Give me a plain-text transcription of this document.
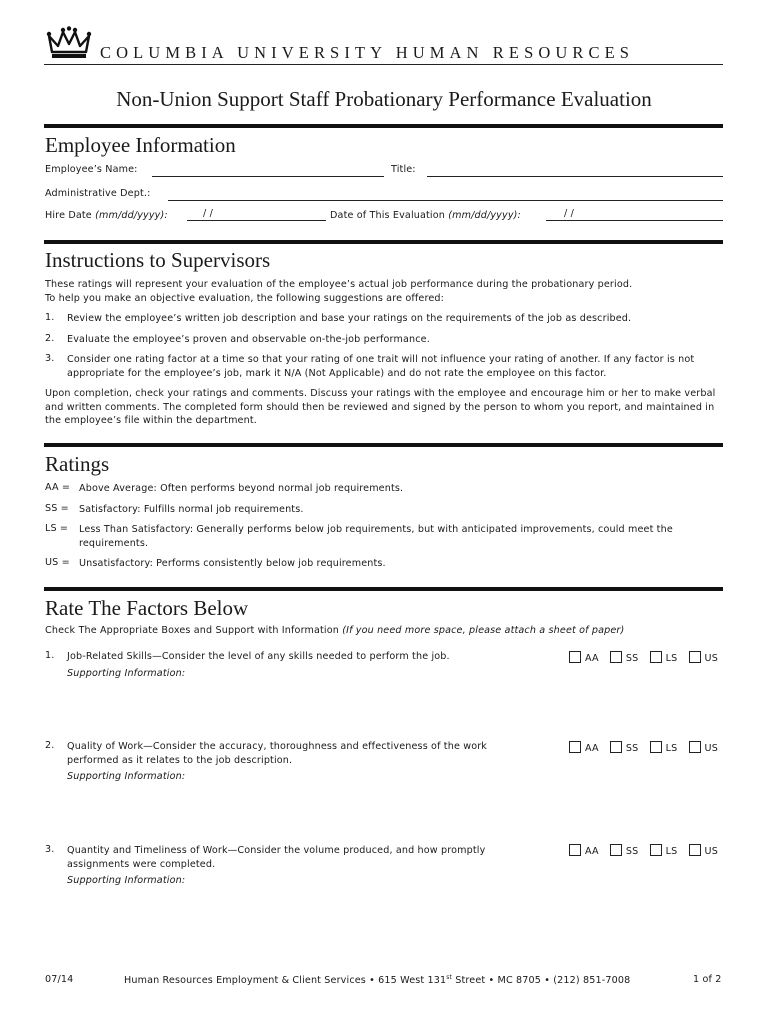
COLUMBIA UNIVERSITY HUMAN RESOURCES
Non-Union Support Staff Probationary Performance Evaluation
Employee Information
Employee’s Name:	Title:
Administrative Dept.:
Hire Date (mm/dd/yyyy):	/ /	Date of This Evaluation (mm/dd/yyyy):	/ /
Instructions to Supervisors

These ratings will represent your evaluation of the employee’s actual job performance during the probationary period.

To help you make an objective evaluation, the following suggestions are offered:

1.	Review the employee’s written job description and base your ratings on the requirements of the job as described.

2.	Evaluate the employee’s proven and observable on-the-job performance.

3.	Consider one rating factor at a time so that your rating of one trait will not influence your rating of another. If any factor is not appropriate for the employee’s job, mark it N/A (Not Applicable) and do not rate the employee on this factor.

Upon completion, check your ratings and comments. Discuss your ratings with the employee and encourage him or her to make verbal and written comments. The completed form should then be reviewed and signed by the person to whom you report, and maintained in the employee’s file within the department.

Ratings
AA = Above Average: Often performs beyond normal job requirements.

SS =	Satisfactory: Fulfills normal job requirements.

LS =	Less Than Satisfactory: Generally performs below job requirements, but with anticipated improvements, could meet the requirements.

US = Unsatisfactory: Performs consistently below job requirements.

Rate The Factors Below
Check The Appropriate Boxes and Support with Information (If you need more space, please attach a sheet of paper)
1.	Job-Related Skills—Consider the level of any skills needed to perform the job.

Supporting Information:

AA	SS	LS	US
2.	Quality of Work—Consider the accuracy, thoroughness and effectiveness of the work performed as it relates to the job description.

Supporting Information:

AA	SS	LS	US
3.	Quantity and Timeliness of Work—Consider the volume produced, and how promptly assignments were completed.

Supporting Information:

AA	SS	LS	US
07/14	Human Resources Employment & Client Services • 615 West 131st Street • MC 8705 • (212) 851-7008	1 of 2
